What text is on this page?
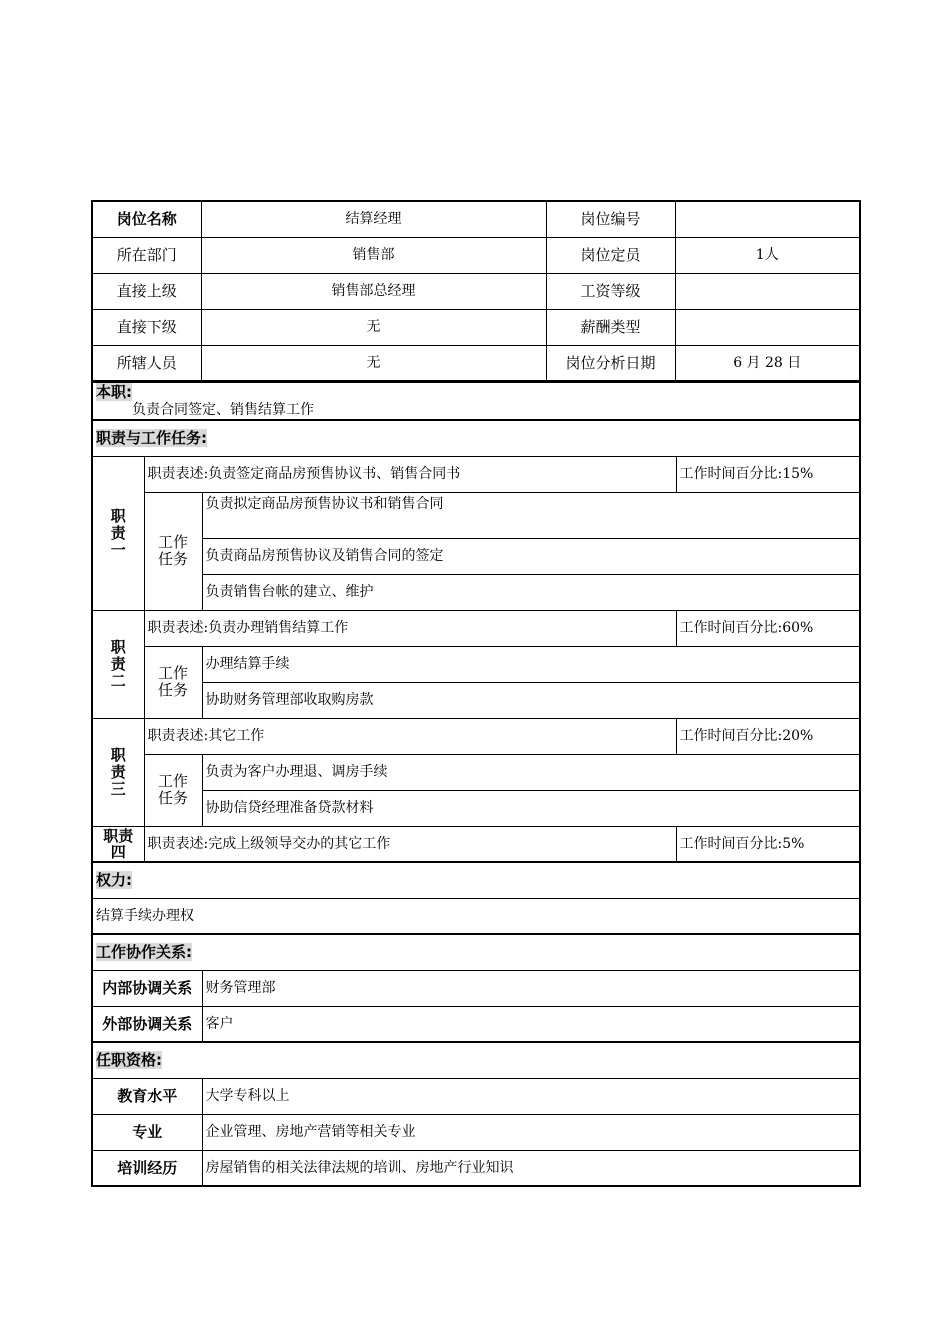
岗位名称	结算经理	岗位编号	
所在部门	销售部	岗位定员	1人
直接上级	销售部总经理	工资等级	
直接下级	无	薪酬类型	
所辖人员	无	岗位分析日期	6 月 28 日
本职:
负责合同签定、销售结算工作			
职责与工作任务:			

职责一	职责表述:负责签定商品房预售协议书、销售合同书		工作时间百分比:15%

	工作任务	负责拟定商品房预售协议书和销售合同	
		负责商品房预售协议及销售合同的签定	
		负责销售台帐的建立、维护	

职责二	职责表述:负责办理销售结算工作		工作时间百分比:60%

	工作任务	办理结算手续	
		协助财务管理部收取购房款	

职责三	职责表述:其它工作		工作时间百分比:20%

	工作任务	负责为客户办理退、调房手续	
		协助信贷经理准备贷款材料	

职责四	职责表述:完成上级领导交办的其它工作		工作时间百分比:5%
权力:			
结算手续办理权			
工作协作关系:			
内部协调关系		财务管理部	
外部协调关系		客户	
任职资格:			
教育水平		大学专科以上	
专业		企业管理、房地产营销等相关专业	
培训经历		房屋销售的相关法律法规的培训、房地产行业知识	
